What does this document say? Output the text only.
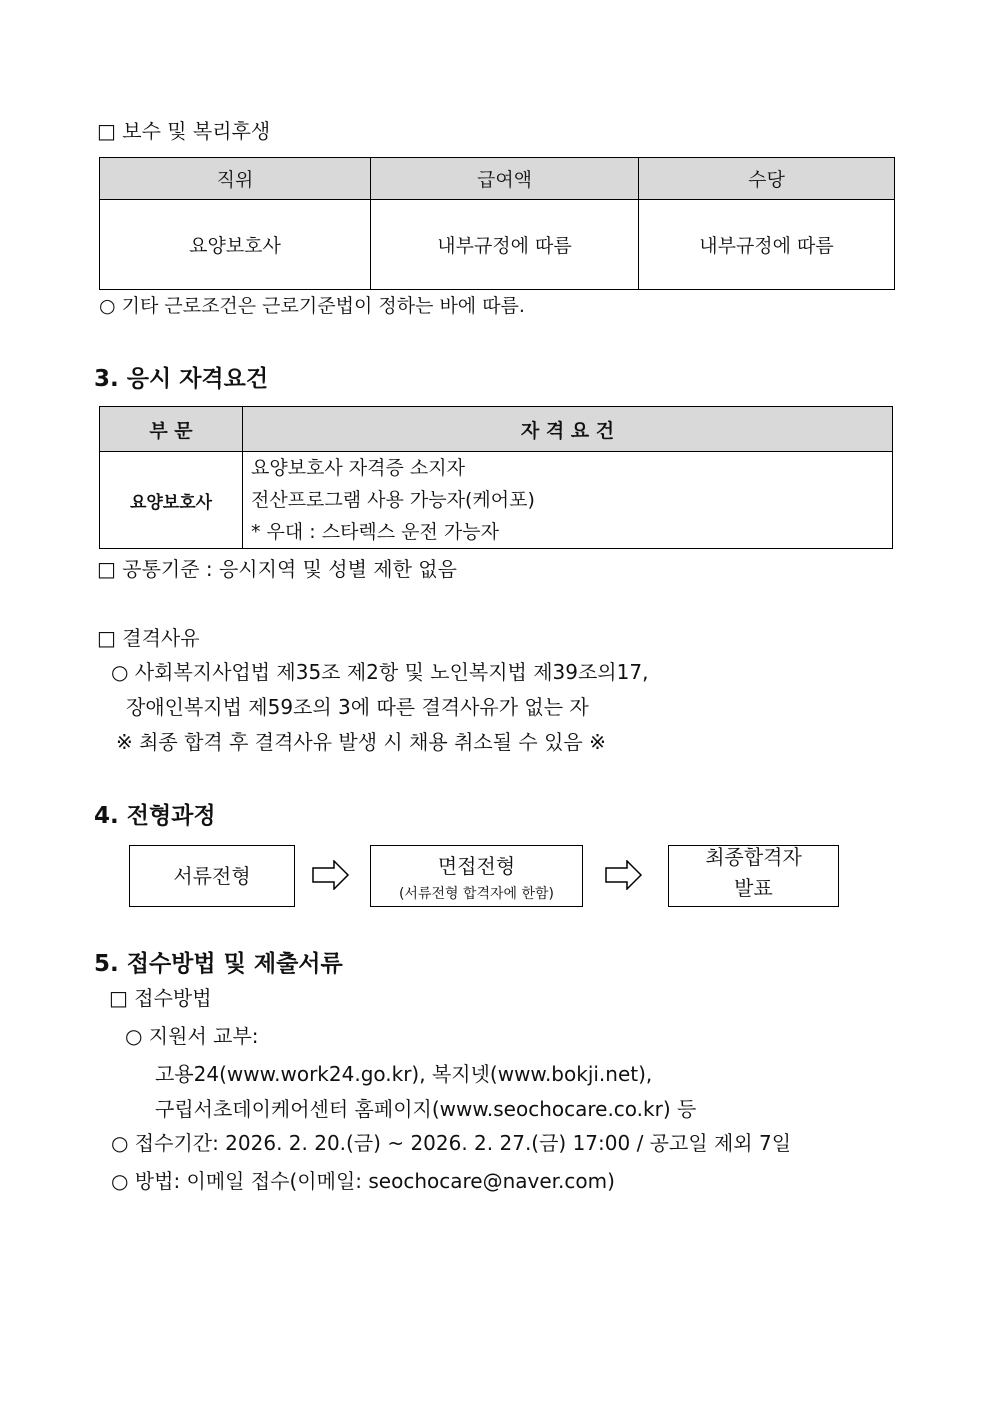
□ 보수 및 복리후생
직위	급여액	수당
요양보호사	내부규정에 따름	내부규정에 따름
○ 기타 근로조건은 근로기준법이 정하는 바에 따름.
3. 응시 자격요건
부 문	자 격 요 건
요양보호사	요양보호사 자격증 소지자
전산프로그램 사용 가능자(케어포)
* 우대 : 스타렉스 운전 가능자
□ 공통기준 : 응시지역 및 성별 제한 없음
□ 결격사유
○ 사회복지사업법 제35조 제2항 및 노인복지법 제39조의17,
장애인복지법 제59조의 3에 따른 결격사유가 없는 자
※ 최종 합격 후 결격사유 발생 시 채용 취소될 수 있음 ※
4. 전형과정
서류전형	면접전형
(서류전형 합격자에 한함)
최종합격자
발표
5. 접수방법 및 제출서류
□ 접수방법
○ 지원서 교부:
고용24(www.work24.go.kr), 복지넷(www.bokji.net),
구립서초데이케어센터 홈페이지(www.seochocare.co.kr) 등
○ 접수기간: 2026. 2. 20.(금) ~ 2026. 2. 27.(금) 17:00 / 공고일 제외 7일
○ 방법: 이메일 접수(이메일: seochocare@naver.com)
